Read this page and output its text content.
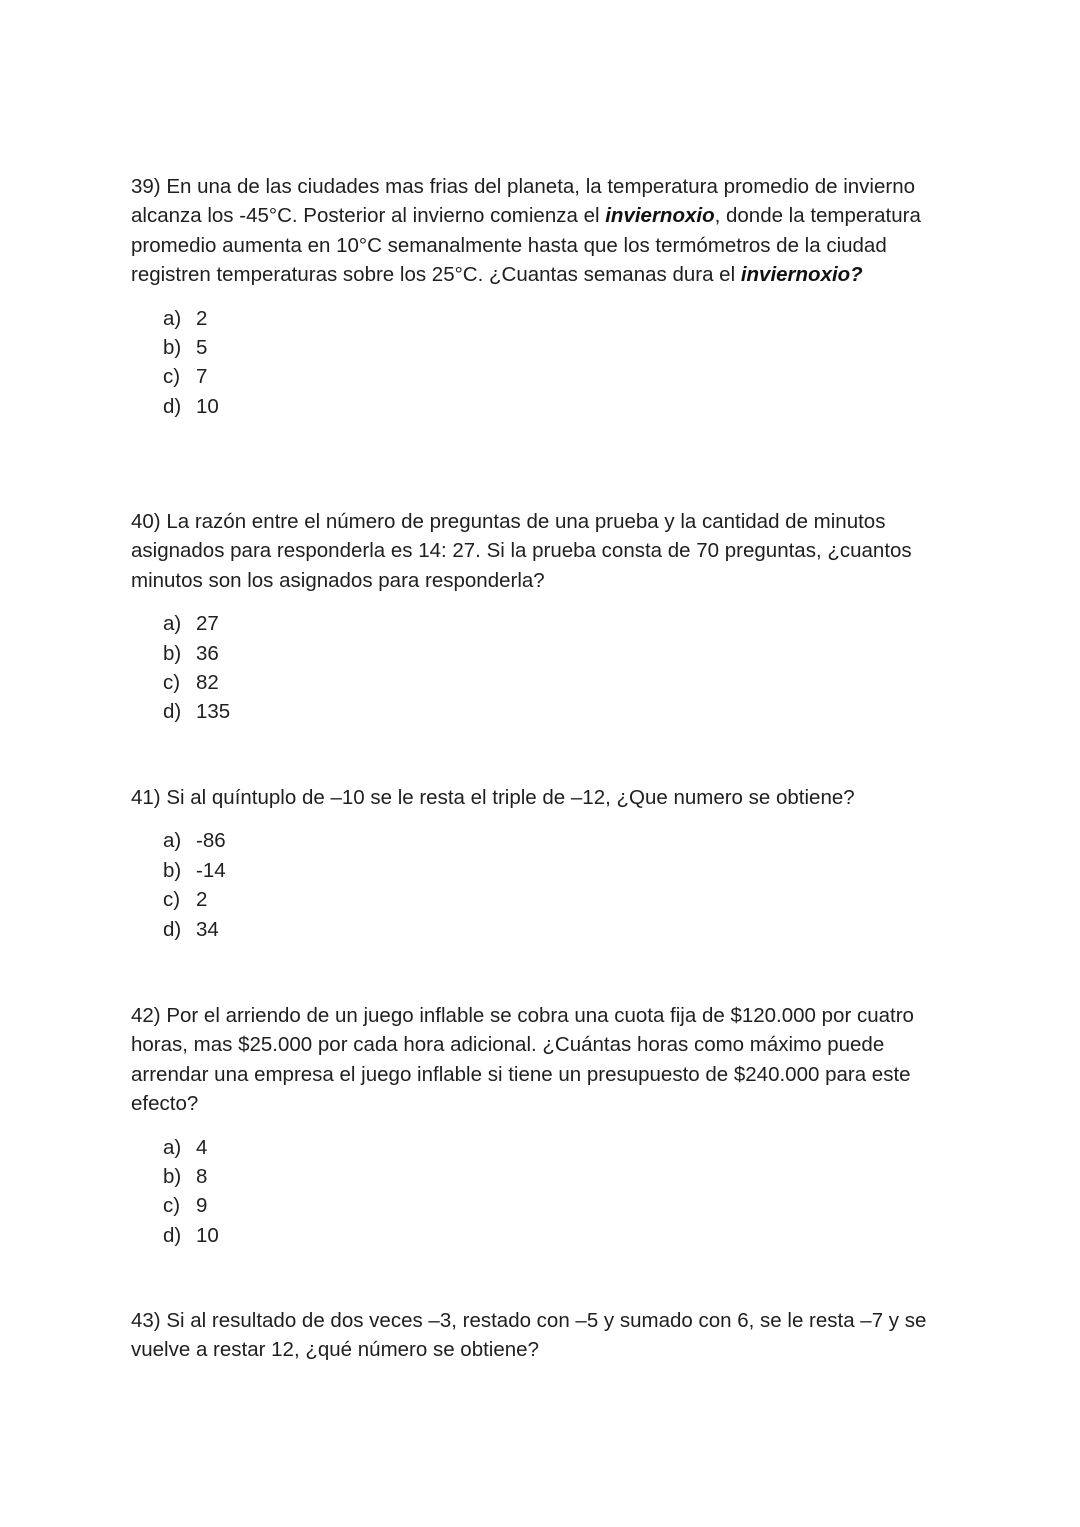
39) En una de las ciudades mas frias del planeta, la temperatura promedio de invierno alcanza los -45°C. Posterior al invierno comienza el inviernoxio, donde la temperatura promedio aumenta en 10°C semanalmente hasta que los termómetros de la ciudad registren temperaturas sobre los 25°C. ¿Cuantas semanas dura el inviernoxio?

a) 2
b) 5
c) 7
d) 10

40) La razón entre el número de preguntas de una prueba y la cantidad de minutos asignados para responderla es 14: 27. Si la prueba consta de 70 preguntas, ¿cuantos minutos son los asignados para responderla?

a) 27
b) 36
c) 82
d) 135

41) Si al quíntuplo de –10 se le resta el triple de –12, ¿Que numero se obtiene?

a) -86
b) -14
c) 2
d) 34

42) Por el arriendo de un juego inflable se cobra una cuota fija de $120.000 por cuatro horas, mas $25.000 por cada hora adicional. ¿Cuántas horas como máximo puede arrendar una empresa el juego inflable si tiene un presupuesto de $240.000 para este efecto?

a) 4
b) 8
c) 9
d) 10

43) Si al resultado de dos veces –3, restado con –5 y sumado con 6, se le resta –7 y se vuelve a restar 12, ¿qué número se obtiene?
